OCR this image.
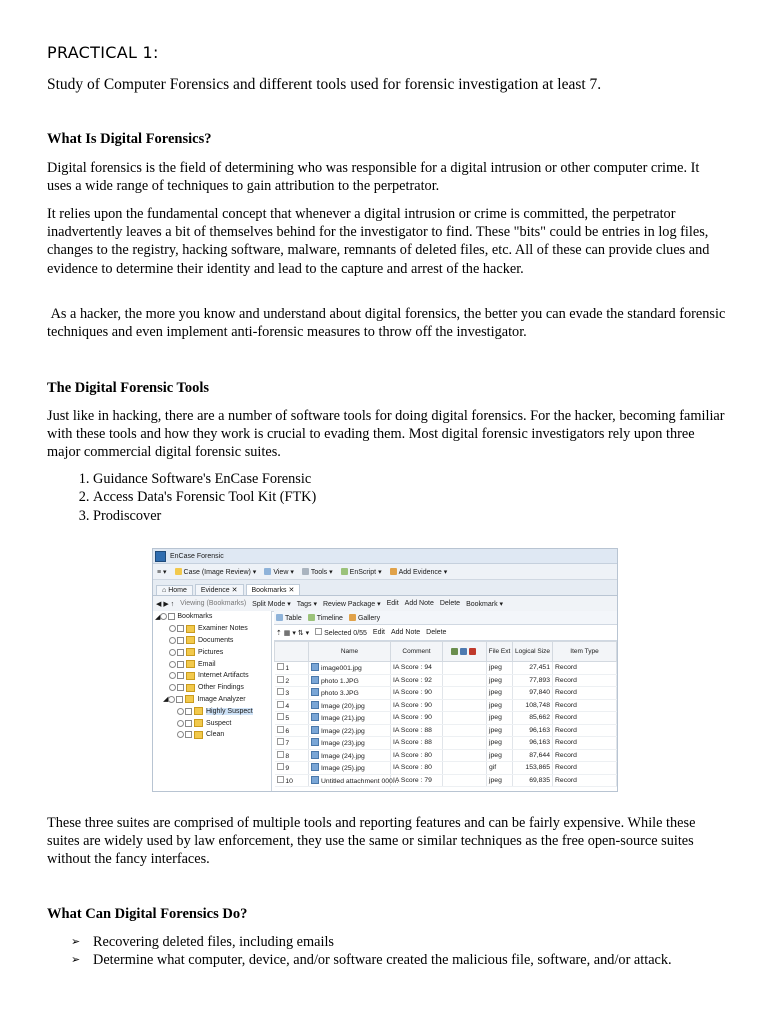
PRACTICAL 1:
Study of Computer Forensics and different tools used for forensic investigation at least 7.
What Is Digital Forensics?

Digital forensics is the field of determining who was responsible for a digital intrusion or other computer crime. It uses a wide range of techniques to gain attribution to the perpetrator.

It relies upon the fundamental concept that whenever a digital intrusion or crime is committed, the perpetrator inadvertently leaves a bit of themselves behind for the investigator to find. These "bits" could be entries in log files, changes to the registry, hacking software, malware, remnants of deleted files, etc. All of these can provide clues and evidence to determine their identity and lead to the capture and arrest of the hacker.

As a hacker, the more you know and understand about digital forensics, the better you can evade the standard forensic techniques and even implement anti-forensic measures to throw off the investigator.

The Digital Forensic Tools

Just like in hacking, there are a number of software tools for doing digital forensics. For the hacker, becoming familiar with these tools and how they work is crucial to evading them. Most digital forensic investigators rely upon three major commercial digital forensic suites.

1. Guidance Software's EnCase Forensic
2. Access Data's Forensic Tool Kit (FTK)
3. Prodiscover

These three suites are comprised of multiple tools and reporting features and can be fairly expensive. While these suites are widely used by law enforcement, they use the same or similar techniques as the free open-source suites without the fancy interfaces.

What Can Digital Forensics Do?
➢ Recovering deleted files, including emails
➢ Determine what computer, device, and/or software created the malicious file, software, and/or attack.
EnCase Forensic
≡ ▾	Case (Image Review) ▾	View ▾	Tools ▾	EnScript ▾	Add Evidence ▾
⌂ Home	Evidence ✕	Bookmarks ✕
◀ ▶ ↑ Viewing (Bookmarks) Split Mode ▾ Tags ▾ Review Package ▾ Edit Add Note Delete Bookmark ▾
◢ Bookmarks
Examiner Notes
Documents
Pictures
Email
Internet Artifacts
Other Findings
◢	Image Analyzer
Highly Suspect
Suspect
Clean
Table	Timeline	Gallery
⇡ ▦ ▾ ⇅ ▾	Selected 0/55 Edit Add Note Delete
	Name	Comment		File Ext	Logical Size	Item Type
1	image001.jpg	IA Score : 94		jpeg	27,451	Record
2	photo 1.JPG	IA Score : 92		jpeg	77,893	Record
3	photo 3.JPG	IA Score : 90		jpeg	97,840	Record
4	Image (20).jpg	IA Score : 90		jpeg	108,748	Record
5	Image (21).jpg	IA Score : 90		jpeg	85,662	Record
6	Image (22).jpg	IA Score : 88		jpeg	96,163	Record
7	Image (23).jpg	IA Score : 88		jpeg	96,163	Record
8	Image (24).jpg	IA Score : 80		jpeg	87,644	Record
9	Image (25).jpg	IA Score : 80		gif	153,865	Record
10	Untitled attachment 000...	IA Score : 79		jpeg	69,835	Record
